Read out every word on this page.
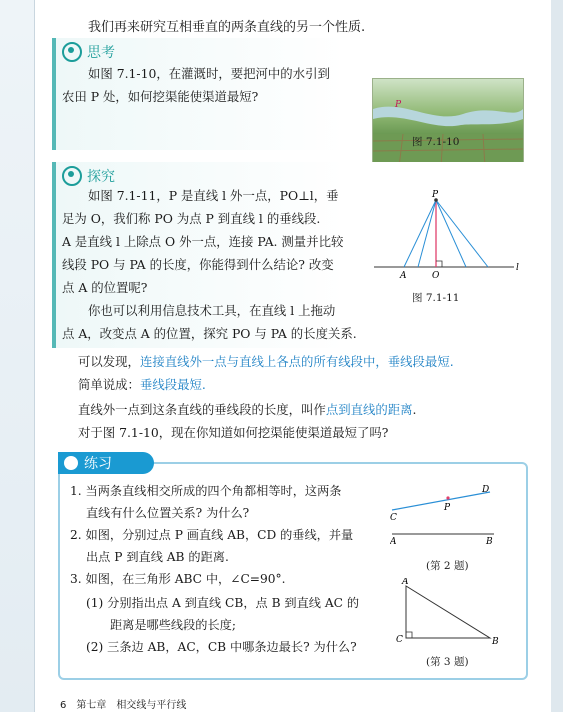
我们再来研究互相垂直的两条直线的另一个性质.
思考
如图 7.1-10，在灌溉时，要把河中的水引到
农田 P 处，如何挖渠能使渠道最短?
P
图 7.1-10
探究
如图 7.1-11，P 是直线 l 外一点，PO⊥l，垂
足为 O，我们称 PO 为点 P 到直线 l 的垂线段.
A 是直线 l 上除点 O 外一点，连接 PA. 测量并比较
线段 PO 与 PA 的长度，你能得到什么结论? 改变
点 A 的位置呢?
你也可以利用信息技术工具，在直线 l 上拖动
点 A，改变点 A 的位置，探究 PO 与 PA 的长度关系.
P
A	O
l
图 7.1-11
可以发现，连接直线外一点与直线上各点的所有线段中，垂线段最短.
简单说成：垂线段最短.
直线外一点到这条直线的垂线段的长度，叫作点到直线的距离.
对于图 7.1-10，现在你知道如何挖渠能使渠道最短了吗?
1. 当两条直线相交所成的四个角都相等时，这两条
直线有什么位置关系? 为什么?
2. 如图，分别过点 P 画直线 AB，CD 的垂线，并量
出点 P 到直线 AB 的距离.
3. 如图，在三角形 ABC 中，∠C=90°.
(1) 分别指出点 A 到直线 CB，点 B 到直线 AC 的
距离是哪些线段的长度;
(2) 三条边 AB，AC，CB 中哪条边最长? 为什么?
C
P
D
A	B
(第 2 题)
A
B
C
(第 3 题)
练习
6　 第七章　相交线与平行线
